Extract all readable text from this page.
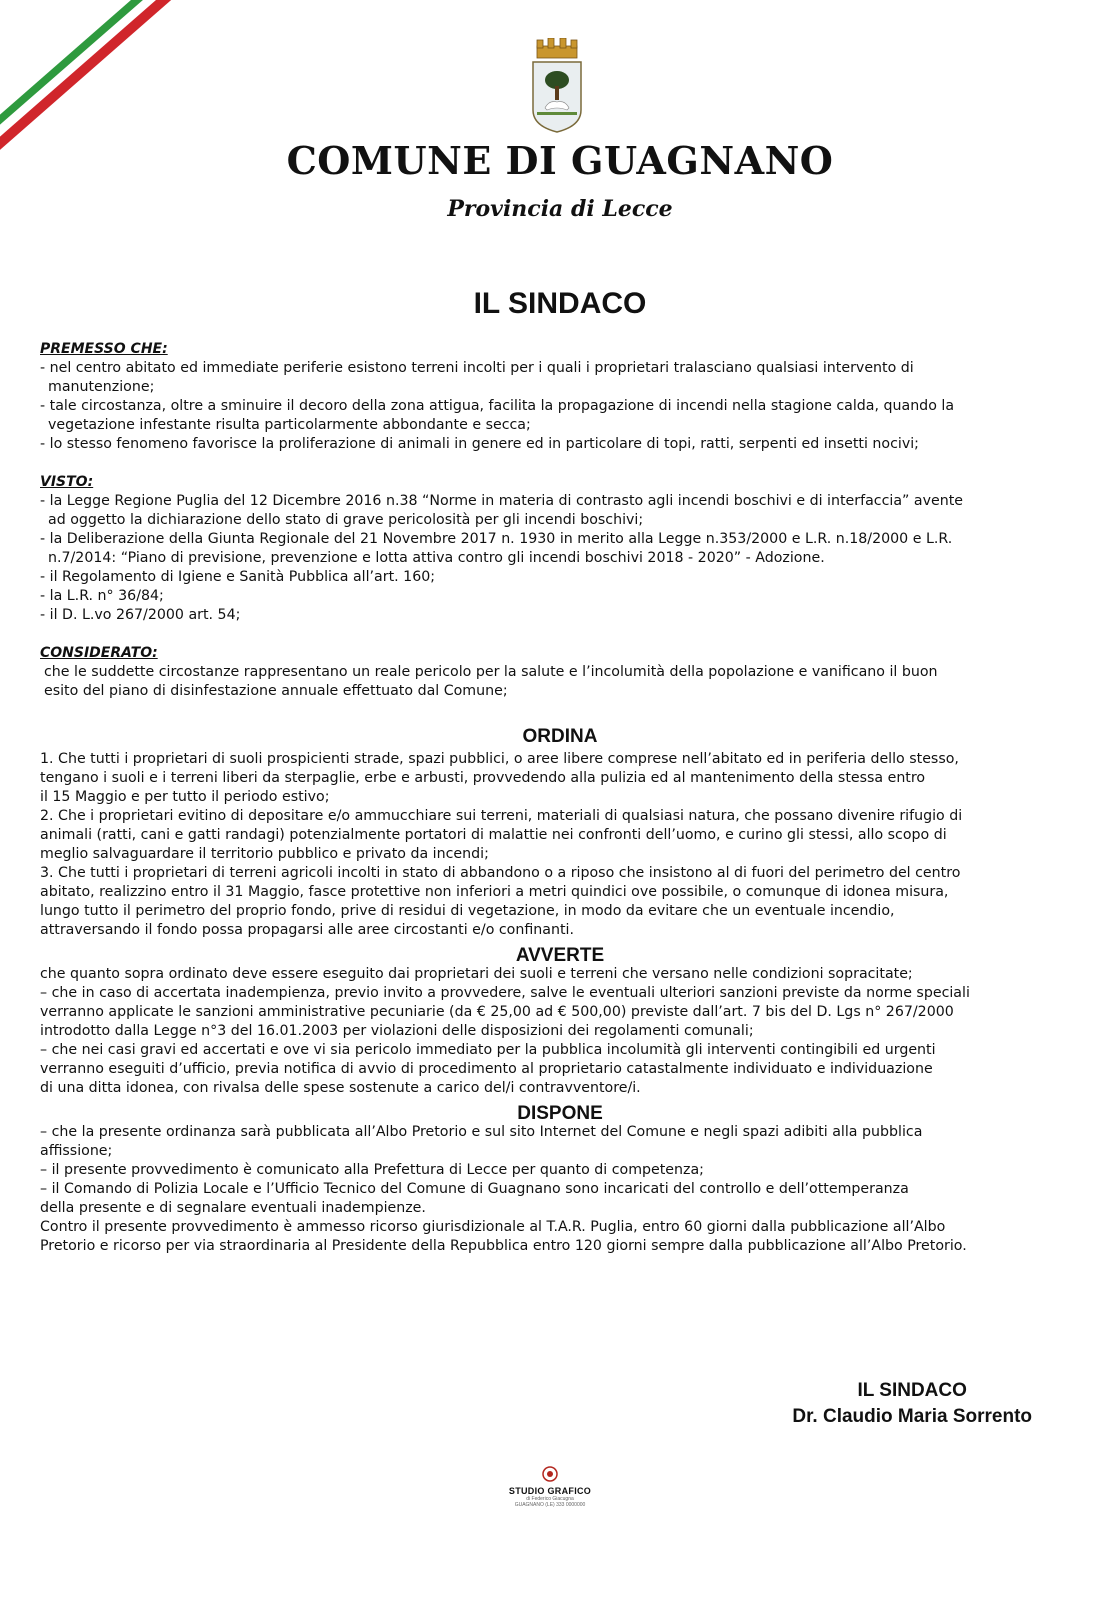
COMUNE DI GUAGNANO
Provincia di Lecce
IL SINDACO

PREMESSO CHE:

- nel centro abitato ed immediate periferie esistono terreni incolti per i quali i proprietari tralasciano qualsiasi intervento di

manutenzione;

- tale circostanza, oltre a sminuire il decoro della zona attigua, facilita la propagazione di incendi nella stagione calda, quando la

vegetazione infestante risulta particolarmente abbondante e secca;

- lo stesso fenomeno favorisce la proliferazione di animali in genere ed in particolare di topi, ratti, serpenti ed insetti nocivi;

VISTO:

- la Legge Regione Puglia del 12 Dicembre 2016 n.38 “Norme in materia di contrasto agli incendi boschivi e di interfaccia” avente

ad oggetto la dichiarazione dello stato di grave pericolosità per gli incendi boschivi;

- la Deliberazione della Giunta Regionale del 21 Novembre 2017 n. 1930 in merito alla Legge n.353/2000 e L.R. n.18/2000 e L.R.

n.7/2014: “Piano di previsione, prevenzione e lotta attiva contro gli incendi boschivi 2018 - 2020” - Adozione.

- il Regolamento di Igiene e Sanità Pubblica all’art. 160;

- la L.R. n° 36/84;

- il D. L.vo 267/2000 art. 54;

CONSIDERATO:

che le suddette circostanze rappresentano un reale pericolo per la salute e l’incolumità della popolazione e vanificano il buon

esito del piano di disinfestazione annuale effettuato dal Comune;

ORDINA

1. Che tutti i proprietari di suoli prospicienti strade, spazi pubblici, o aree libere comprese nell’abitato ed in periferia dello stesso,

tengano i suoli e i terreni liberi da sterpaglie, erbe e arbusti, provvedendo alla pulizia ed al mantenimento della stessa entro

il 15 Maggio e per tutto il periodo estivo;

2. Che i proprietari evitino di depositare e/o ammucchiare sui terreni, materiali di qualsiasi natura, che possano divenire rifugio di

animali (ratti, cani e gatti randagi) potenzialmente portatori di malattie nei confronti dell’uomo, e curino gli stessi, allo scopo di

meglio salvaguardare il territorio pubblico e privato da incendi;

3. Che tutti i proprietari di terreni agricoli incolti in stato di abbandono o a riposo che insistono al di fuori del perimetro del centro

abitato, realizzino entro il 31 Maggio, fasce protettive non inferiori a metri quindici ove possibile, o comunque di idonea misura,

lungo tutto il perimetro del proprio fondo, prive di residui di vegetazione, in modo da evitare che un eventuale incendio,

attraversando il fondo possa propagarsi alle aree circostanti e/o confinanti.

AVVERTE

che quanto sopra ordinato deve essere eseguito dai proprietari dei suoli e terreni che versano nelle condizioni sopracitate;

– che in caso di accertata inadempienza, previo invito a provvedere, salve le eventuali ulteriori sanzioni previste da norme speciali

verranno applicate le sanzioni amministrative pecuniarie (da € 25,00 ad € 500,00) previste dall’art. 7 bis del D. Lgs n° 267/2000

introdotto dalla Legge n°3 del 16.01.2003 per violazioni delle disposizioni dei regolamenti comunali;

– che nei casi gravi ed accertati e ove vi sia pericolo immediato per la pubblica incolumità gli interventi contingibili ed urgenti

verranno eseguiti d’ufficio, previa notifica di avvio di procedimento al proprietario catastalmente individuato e individuazione

di una ditta idonea, con rivalsa delle spese sostenute a carico del/i contravventore/i.

DISPONE

– che la presente ordinanza sarà pubblicata all’Albo Pretorio e sul sito Internet del Comune e negli spazi adibiti alla pubblica

affissione;

– il presente provvedimento è comunicato alla Prefettura di Lecce per quanto di competenza;

– il Comando di Polizia Locale e l’Ufficio Tecnico del Comune di Guagnano sono incaricati del controllo e dell’ottemperanza

della presente e di segnalare eventuali inadempienze.

Contro il presente provvedimento è ammesso ricorso giurisdizionale al T.A.R. Puglia, entro 60 giorni dalla pubblicazione all’Albo

Pretorio e ricorso per via straordinaria al Presidente della Repubblica entro 120 giorni sempre dalla pubblicazione all’Albo Pretorio.

IL SINDACO
Dr. Claudio Maria Sorrento
STUDIO GRAFICO
di Federico Giacugna
GUAGNANO (LE) 333 0000000
